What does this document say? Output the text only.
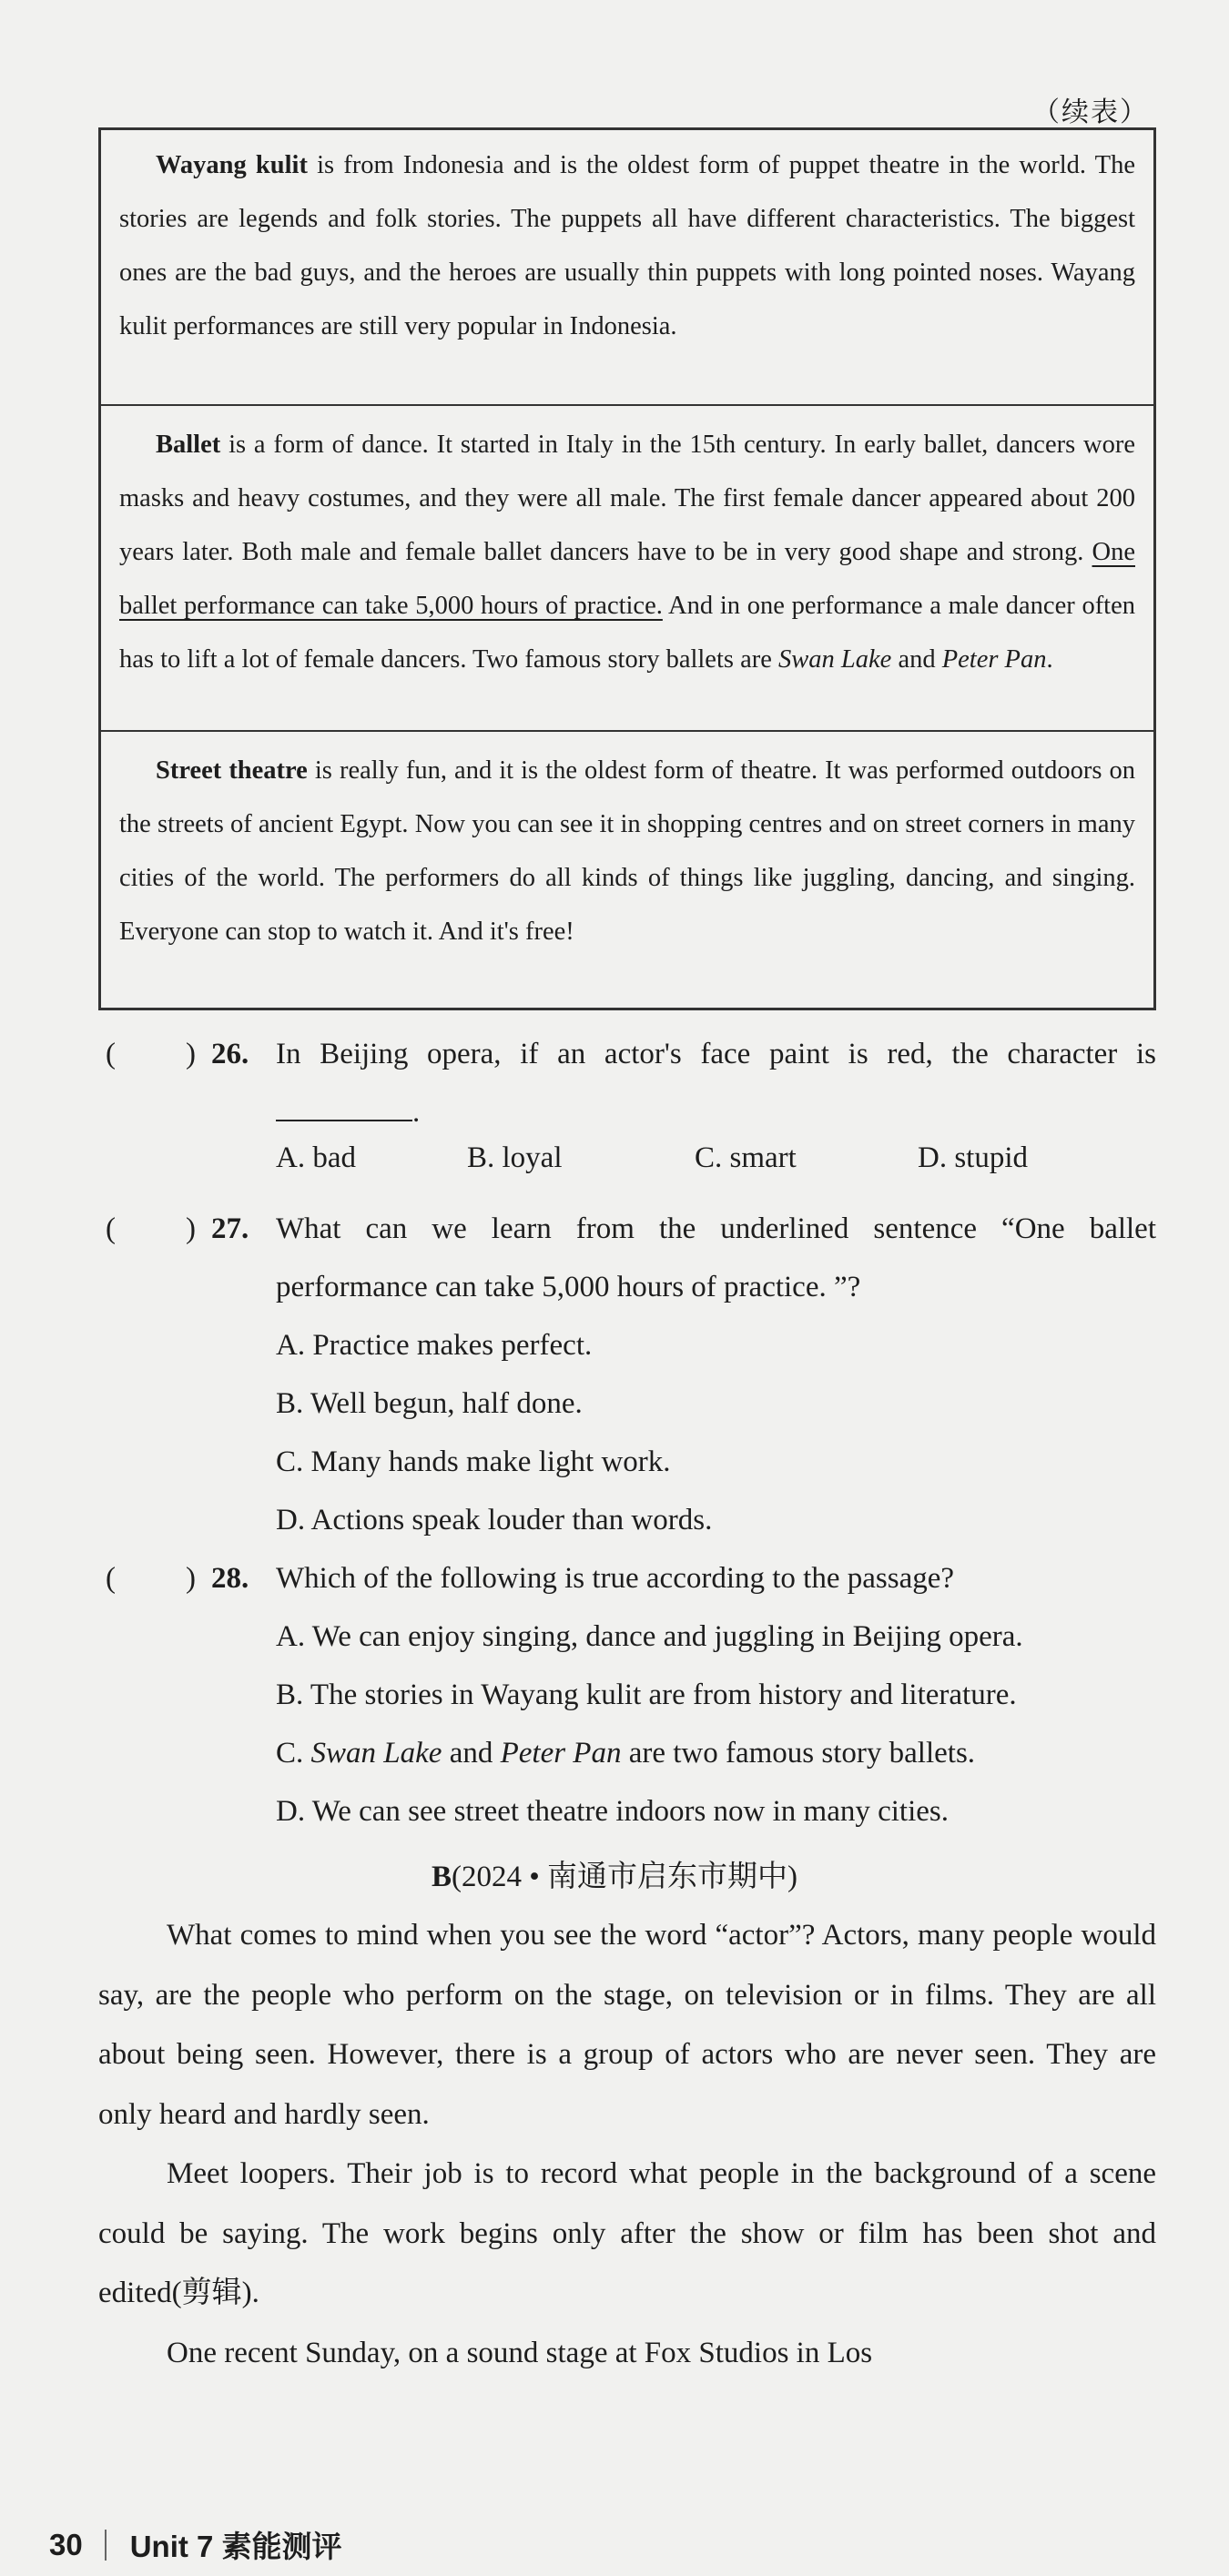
（续表）

Wayang kulit is from Indonesia and is the oldest form of puppet theatre in the world. The stories are legends and folk stories. The puppets all have different characteristics. The biggest ones are the bad guys, and the heroes are usually thin puppets with long pointed noses. Wayang kulit performances are still very popular in Indonesia.

Ballet is a form of dance. It started in Italy in the 15th century. In early ballet, dancers wore masks and heavy costumes, and they were all male. The first female dancer appeared about 200 years later. Both male and female ballet dancers have to be in very good shape and strong. One ballet performance can take 5,000 hours of practice. And in one performance a male dancer often has to lift a lot of female dancers. Two famous story ballets are Swan Lake and Peter Pan.

Street theatre is really fun, and it is the oldest form of theatre. It was performed outdoors on the streets of ancient Egypt. Now you can see it in shopping centres and on street corners in many cities of the world. The performers do all kinds of things like juggling, dancing, and singing. Everyone can stop to watch it. And it's free!

( ) 26. In Beijing opera, if an actor's face paint is red, the character is .
A. bad	B. loyal	C. smart	D. stupid
( ) 27. What can we learn from the underlined sentence “One ballet performance can take 5,000 hours of practice. ”?
A. Practice makes perfect.
B. Well begun, half done.
C. Many hands make light work.
D. Actions speak louder than words.
( ) 28. Which of the following is true according to the passage?
A. We can enjoy singing, dance and juggling in Beijing opera.
B. The stories in Wayang kulit are from history and literature.
C. Swan Lake and Peter Pan are two famous story ballets.
D. We can see street theatre indoors now in many cities.
B(2024 • 南通市启东市期中)

What comes to mind when you see the word “actor”? Actors, many people would say, are the people who perform on the stage, on television or in films. They are all about being seen. However, there is a group of actors who are never seen. They are only heard and hardly seen.

Meet loopers. Their job is to record what people in the background of a scene could be saying. The work begins only after the show or film has been shot and edited(剪辑).

One recent Sunday, on a sound stage at Fox Studios in Los

30 Unit 7 素能测评
